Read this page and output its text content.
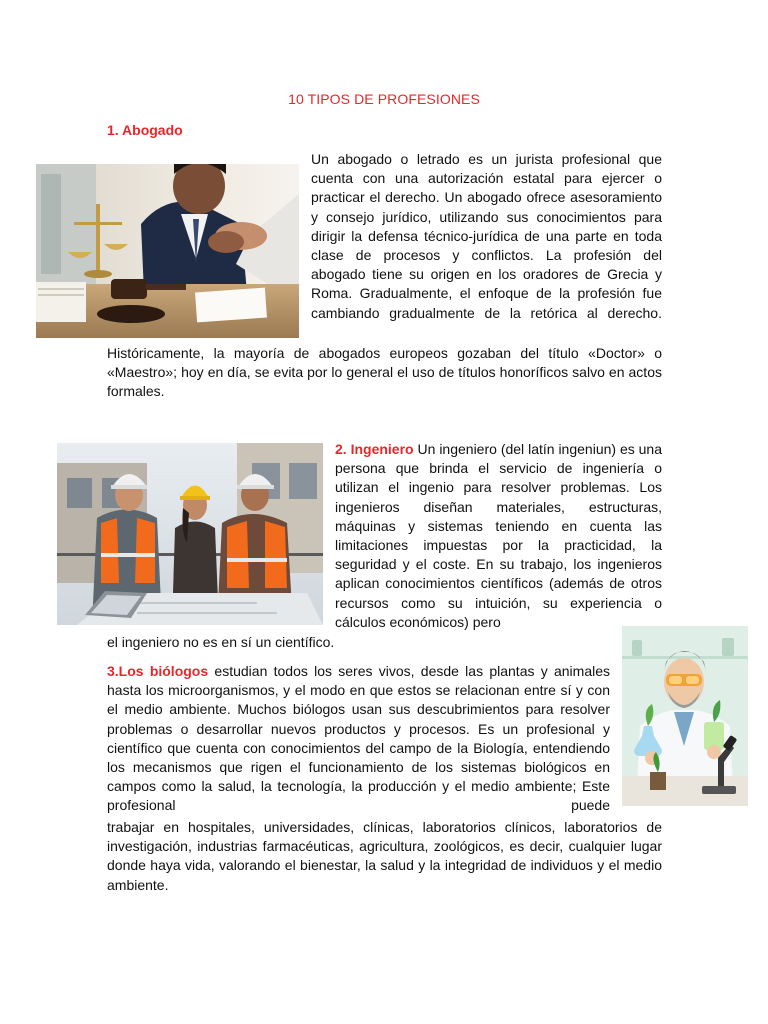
10 TIPOS DE PROFESIONES
1. Abogado
Un abogado o letrado es un jurista profesional que cuenta con una autorización estatal para ejercer o practicar el derecho. Un abogado ofrece asesoramiento y consejo jurídico, utilizando sus conocimientos para dirigir la defensa técnico-jurídica de una parte en toda clase de procesos y conflictos. La profesión del abogado tiene su origen en los oradores de Grecia y Roma. Gradualmente, el enfoque de la profesión fue cambiando gradualmente de la retórica al derecho.
Históricamente, la mayoría de abogados europeos gozaban del título «Doctor» o «Maestro»; hoy en día, se evita por lo general el uso de títulos honoríficos salvo en actos formales.
2. Ingeniero Un ingeniero (del latín ingeniun) es una persona que brinda el servicio de ingeniería o utilizan el ingenio para resolver problemas. Los ingenieros diseñan materiales, estructuras, máquinas y sistemas teniendo en cuenta las limitaciones impuestas por la practicidad, la seguridad y el coste. En su trabajo, los ingenieros aplican conocimientos científicos (además de otros recursos como su intuición, su experiencia o cálculos económicos) pero
el ingeniero no es en sí un científico.
3.Los biólogos estudian todos los seres vivos, desde las plantas y animales hasta los microorganismos, y el modo en que estos se relacionan entre sí y con el medio ambiente. Muchos biólogos usan sus descubrimientos para resolver problemas o desarrollar nuevos productos y procesos. Es un profesional y científico que cuenta con conocimientos del campo de la Biología, entendiendo los mecanismos que rigen el funcionamiento de los sistemas biológicos en campos como la salud, la tecnología, la producción y el medio ambiente; Este profesional puede
trabajar en hospitales, universidades, clínicas, laboratorios clínicos, laboratorios de investigación, industrias farmacéuticas, agricultura, zoológicos, es decir, cualquier lugar donde haya vida, valorando el bienestar, la salud y la integridad de individuos y el medio ambiente.
